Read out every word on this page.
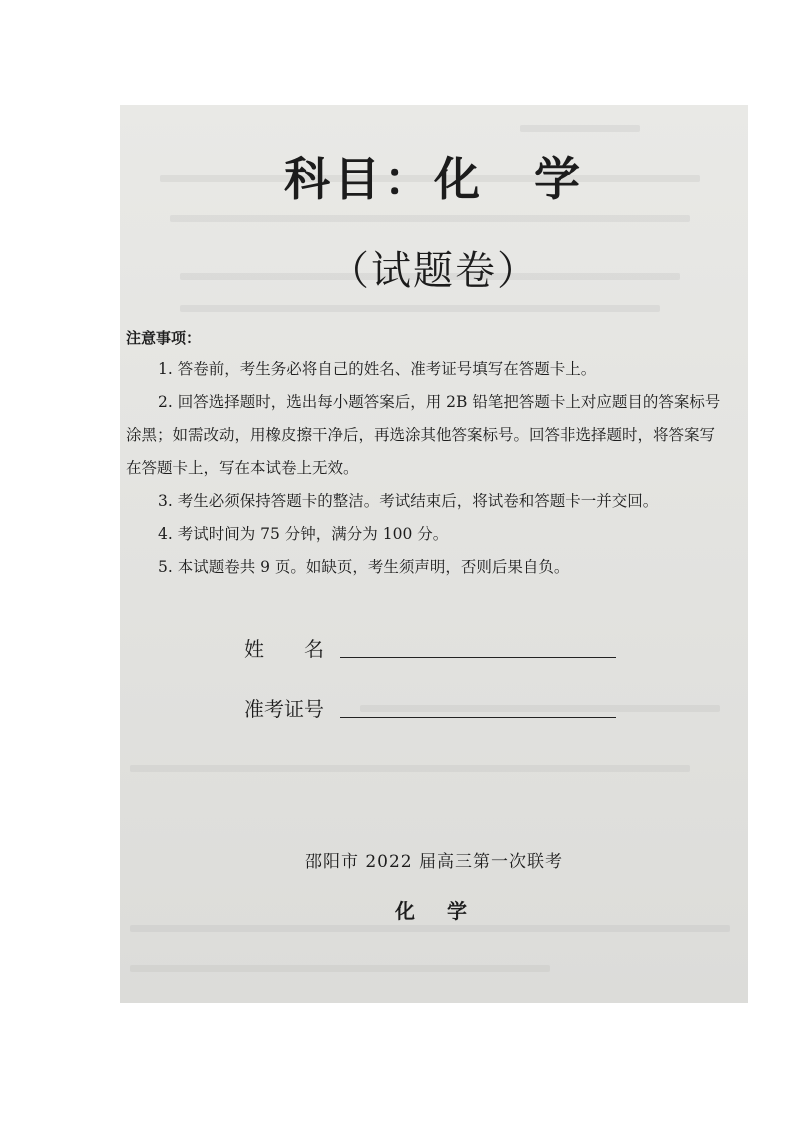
科目：化　学
（试题卷）
注意事项：
1. 答卷前，考生务必将自己的姓名、准考证号填写在答题卡上。
2. 回答选择题时，选出每小题答案后，用 2B 铅笔把答题卡上对应题目的答案标号涂黑；如需改动，用橡皮擦干净后，再选涂其他答案标号。回答非选择题时，将答案写在答题卡上，写在本试卷上无效。
3. 考生必须保持答题卡的整洁。考试结束后，将试卷和答题卡一并交回。
4. 考试时间为 75 分钟，满分为 100 分。
5. 本试题卷共 9 页。如缺页，考生须声明，否则后果自负。
姓　　名
准考证号
邵阳市 2022 届高三第一次联考
化　学
